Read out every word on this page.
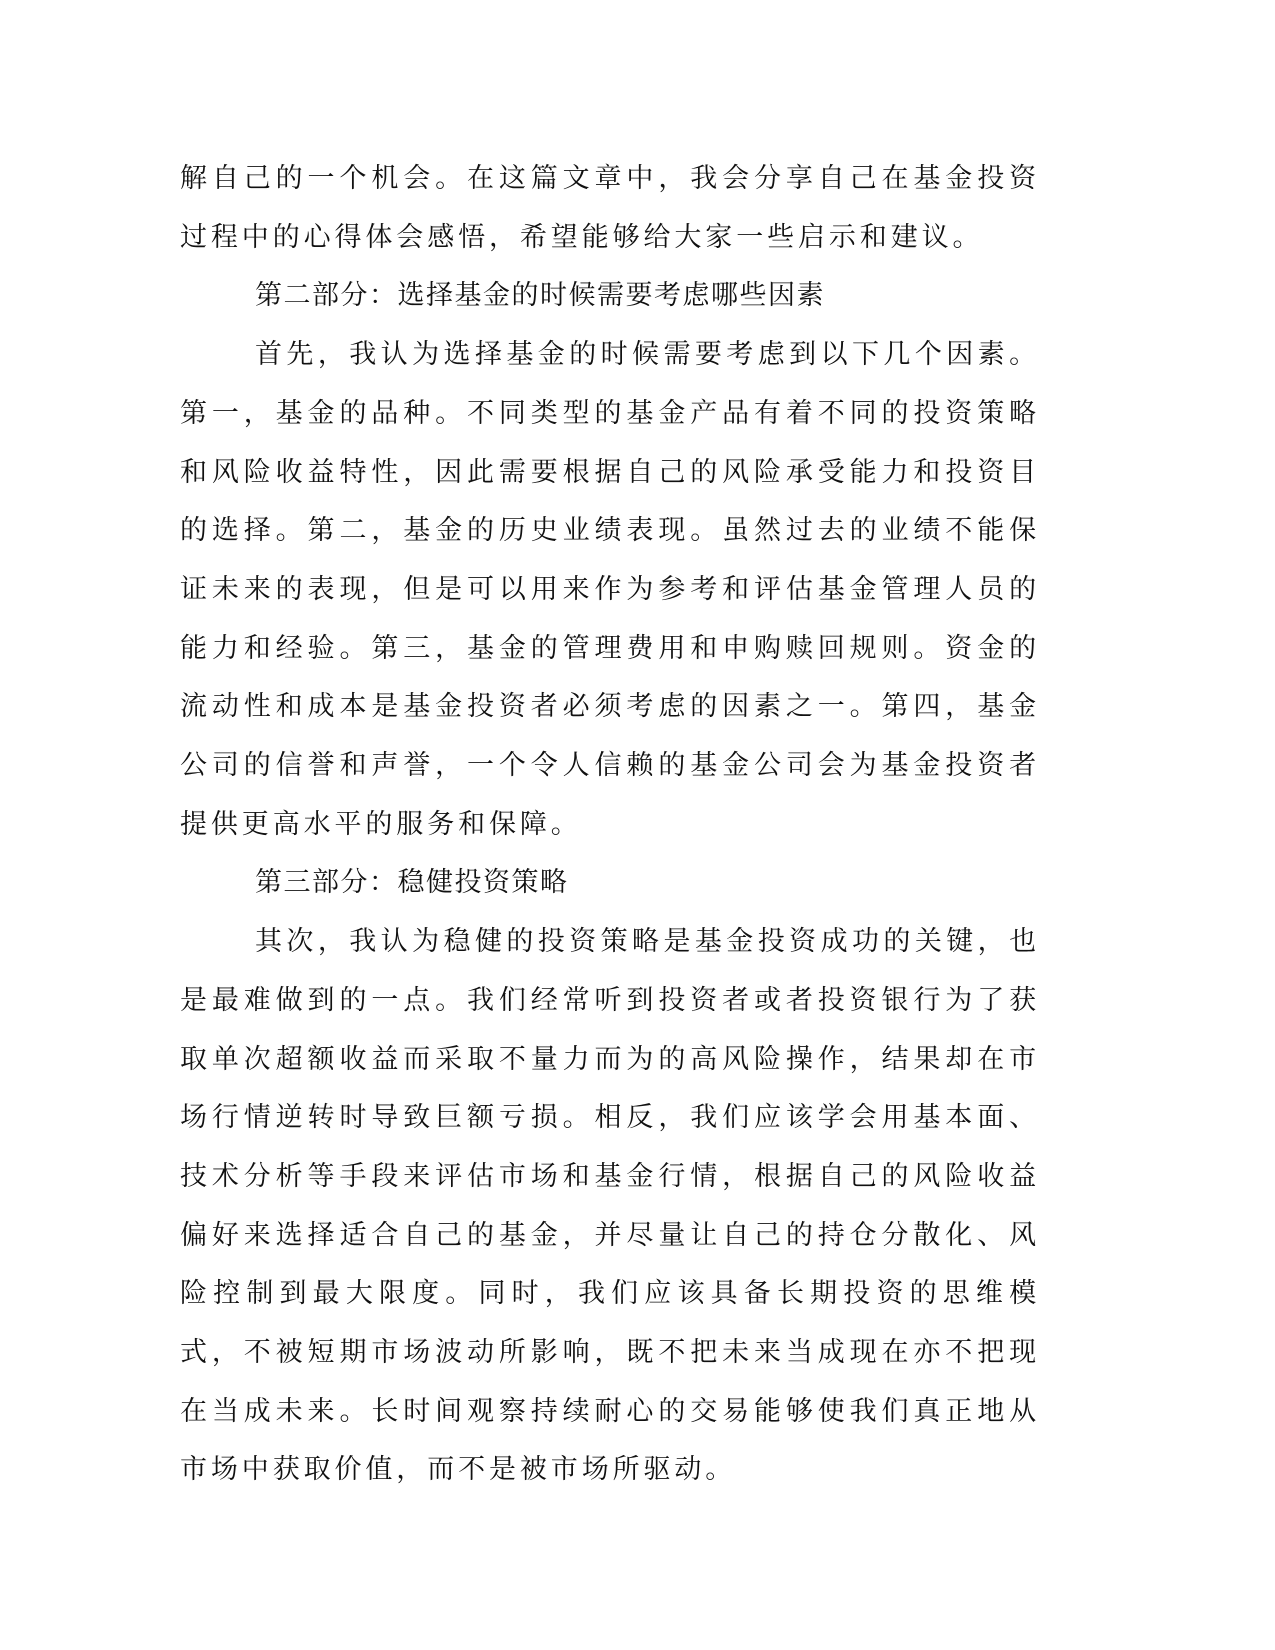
解自己的一个机会。在这篇文章中，我会分享自己在基金投资过程中的心得体会感悟，希望能够给大家一些启示和建议。

第二部分：选择基金的时候需要考虑哪些因素

首先，我认为选择基金的时候需要考虑到以下几个因素。第一，基金的品种。不同类型的基金产品有着不同的投资策略和风险收益特性，因此需要根据自己的风险承受能力和投资目的选择。第二，基金的历史业绩表现。虽然过去的业绩不能保证未来的表现，但是可以用来作为参考和评估基金管理人员的能力和经验。第三，基金的管理费用和申购赎回规则。资金的流动性和成本是基金投资者必须考虑的因素之一。第四，基金公司的信誉和声誉，一个令人信赖的基金公司会为基金投资者提供更高水平的服务和保障。

第三部分：稳健投资策略

其次，我认为稳健的投资策略是基金投资成功的关键，也是最难做到的一点。我们经常听到投资者或者投资银行为了获取单次超额收益而采取不量力而为的高风险操作，结果却在市场行情逆转时导致巨额亏损。相反，我们应该学会用基本面、技术分析等手段来评估市场和基金行情，根据自己的风险收益偏好来选择适合自己的基金，并尽量让自己的持仓分散化、风险控制到最大限度。同时，我们应该具备长期投资的思维模式，不被短期市场波动所影响，既不把未来当成现在亦不把现在当成未来。长时间观察持续耐心的交易能够使我们真正地从市场中获取价值，而不是被市场所驱动。
